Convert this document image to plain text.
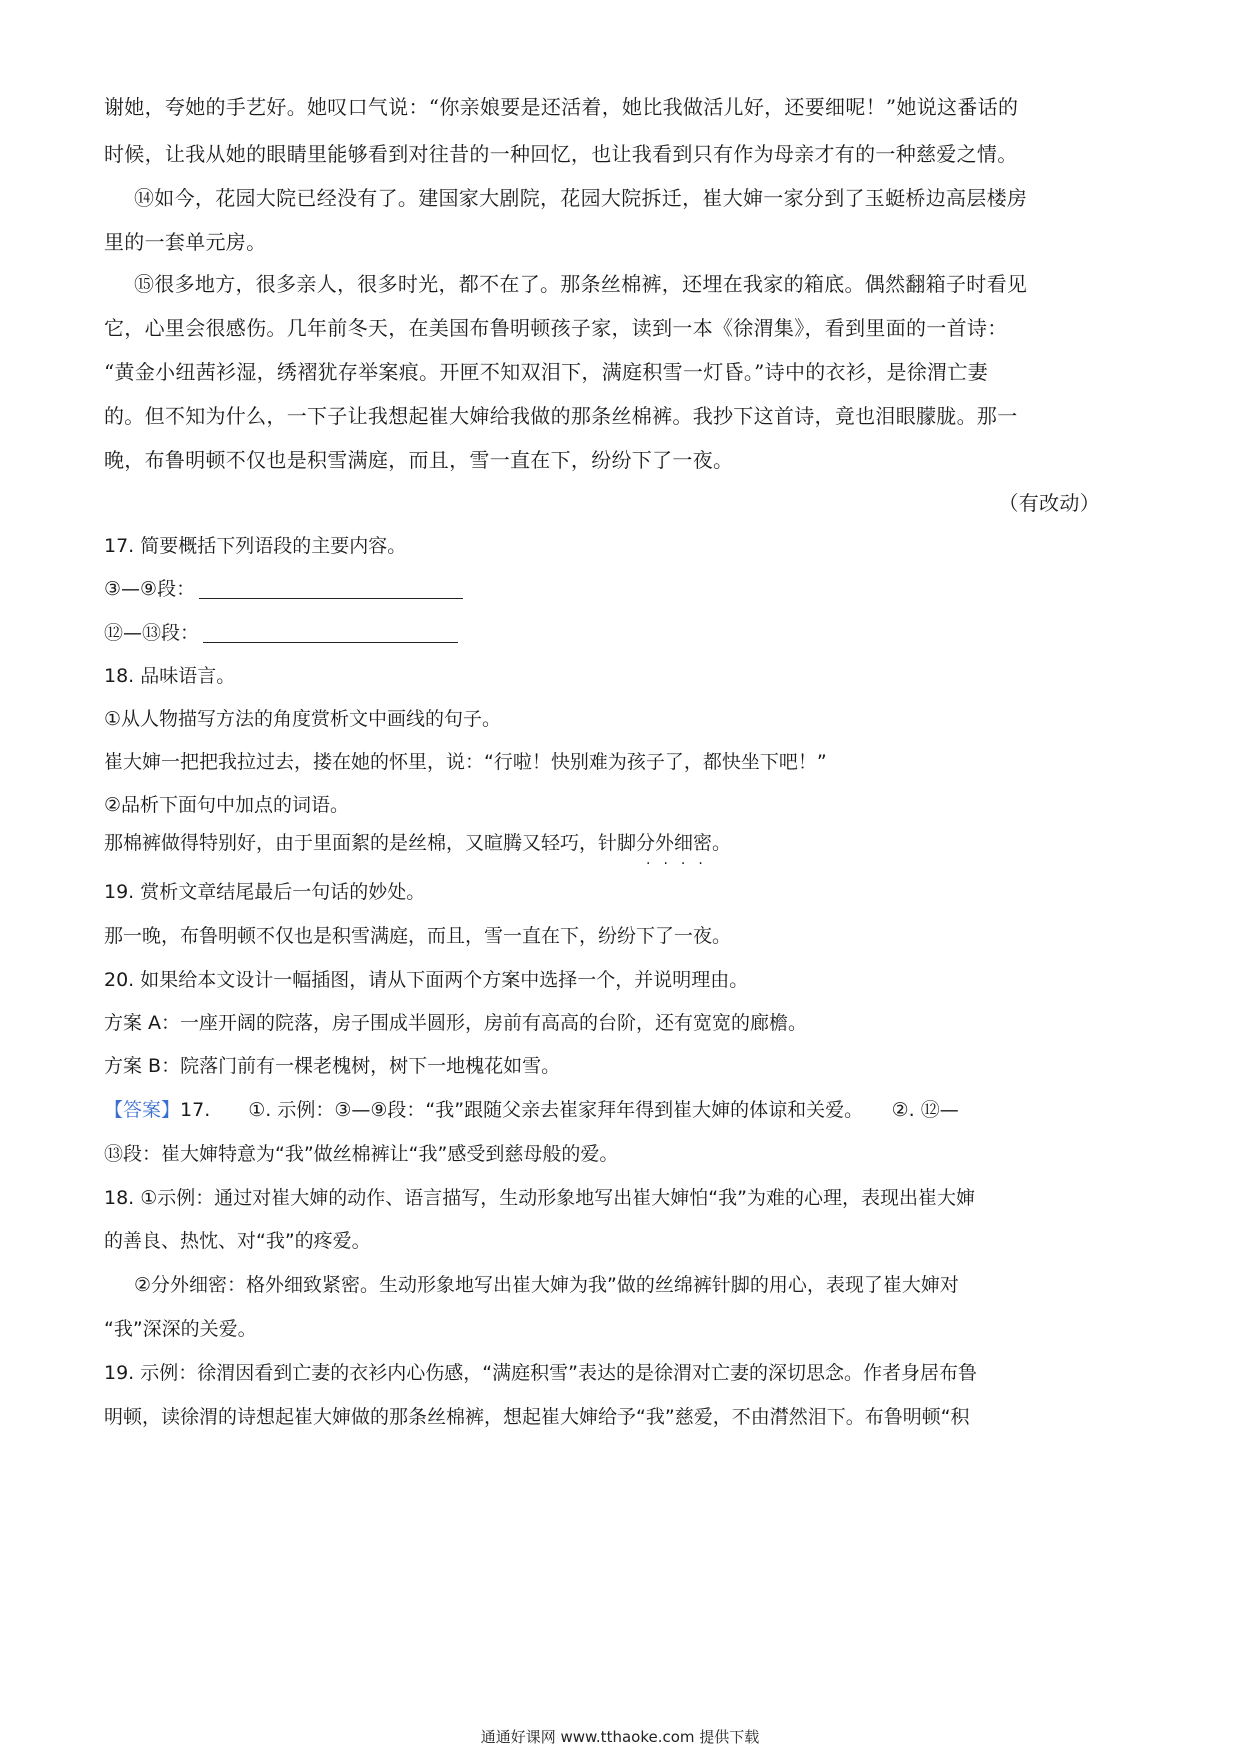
谢她，夸她的手艺好。她叹口气说：“你亲娘要是还活着，她比我做活儿好，还要细呢！”她说这番话的

时候，让我从她的眼睛里能够看到对往昔的一种回忆，也让我看到只有作为母亲才有的一种慈爱之情。

⑭如今，花园大院已经没有了。建国家大剧院，花园大院拆迁，崔大婶一家分到了玉蜓桥边高层楼房

里的一套单元房。

⑮很多地方，很多亲人，很多时光，都不在了。那条丝棉裤，还埋在我家的箱底。偶然翻箱子时看见

它，心里会很感伤。几年前冬天，在美国布鲁明顿孩子家，读到一本《徐渭集》，看到里面的一首诗：

“黄金小纽茜衫湿，绣褶犹存举案痕。开匣不知双泪下，满庭积雪一灯昏。”诗中的衣衫，是徐渭亡妻

的。但不知为什么，一下子让我想起崔大婶给我做的那条丝棉裤。我抄下这首诗，竟也泪眼朦胧。那一

晚，布鲁明顿不仅也是积雪满庭，而且，雪一直在下，纷纷下了一夜。

（有改动）

17. 简要概括下列语段的主要内容。

③—⑨段：

⑫—⑬段：

18. 品味语言。

①从人物描写方法的角度赏析文中画线的句子。

崔大婶一把把我拉过去，搂在她的怀里，说：“行啦！快别难为孩子了，都快坐下吧！”

②品析下面句中加点的词语。

那棉裤做得特别好，由于里面絮的是丝棉，又暄腾又轻巧，针脚分外细密。

····

19. 赏析文章结尾最后一句话的妙处。

那一晚，布鲁明顿不仅也是积雪满庭，而且，雪一直在下，纷纷下了一夜。

20. 如果给本文设计一幅插图，请从下面两个方案中选择一个，并说明理由。

方案 A：一座开阔的院落，房子围成半圆形，房前有高高的台阶，还有宽宽的廊檐。

方案 B：院落门前有一棵老槐树，树下一地槐花如雪。

【答案】17.　　①. 示例：③—⑨段：“我”跟随父亲去崔家拜年得到崔大婶的体谅和关爱。　　②. ⑫—

⑬段：崔大婶特意为“我”做丝棉裤让“我”感受到慈母般的爱。

18. ①示例：通过对崔大婶的动作、语言描写，生动形象地写出崔大婶怕“我”为难的心理，表现出崔大婶

的善良、热忱、对“我”的疼爱。

②分外细密：格外细致紧密。生动形象地写出崔大婶为我”做的丝绵裤针脚的用心，表现了崔大婶对

“我”深深的关爱。

19. 示例：徐渭因看到亡妻的衣衫内心伤感，“满庭积雪”表达的是徐渭对亡妻的深切思念。作者身居布鲁

明顿，读徐渭的诗想起崔大婶做的那条丝棉裤，想起崔大婶给予“我”慈爱，不由潸然泪下。布鲁明顿“积

通通好课网 www.tthaoke.com 提供下载
